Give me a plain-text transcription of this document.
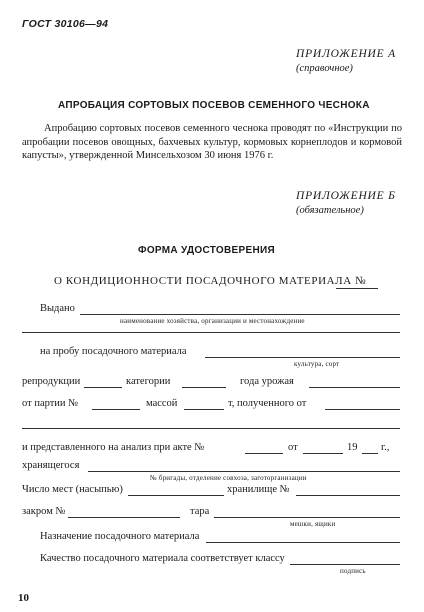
ГОСТ 30106—94
ПРИЛОЖЕНИЕ А
(справочное)
АПРОБАЦИЯ СОРТОВЫХ ПОСЕВОВ СЕМЕННОГО ЧЕСНОКА
Апробацию сортовых посевов семенного чеснока проводят по «Инструкции по апробации посевов овощных, бахчевых культур, кормовых корнеплодов и кормовой капусты», утвержденной Минсельхозом 30 июня 1976 г.
ПРИЛОЖЕНИЕ Б
(обязательное)
ФОРМА УДОСТОВЕРЕНИЯ
О КОНДИЦИОННОСТИ ПОСАДОЧНОГО МАТЕРИАЛА №
Выдано
наименование хозяйства, организации и местонахождение
на пробу посадочного материала
культура, сорт
репродукции	категории	года урожая
от партии №	массой	т, полученного от
и представленного на анализ при акте №	от	19 г.,
хранящегося
№ бригады, отделение совхоза, заготорганизации
Число мест (насыпью)	хранилище №
закром №	тара
мешки, ящики
Назначение посадочного материала
Качество посадочного материала соответствует классу
подпись
10
